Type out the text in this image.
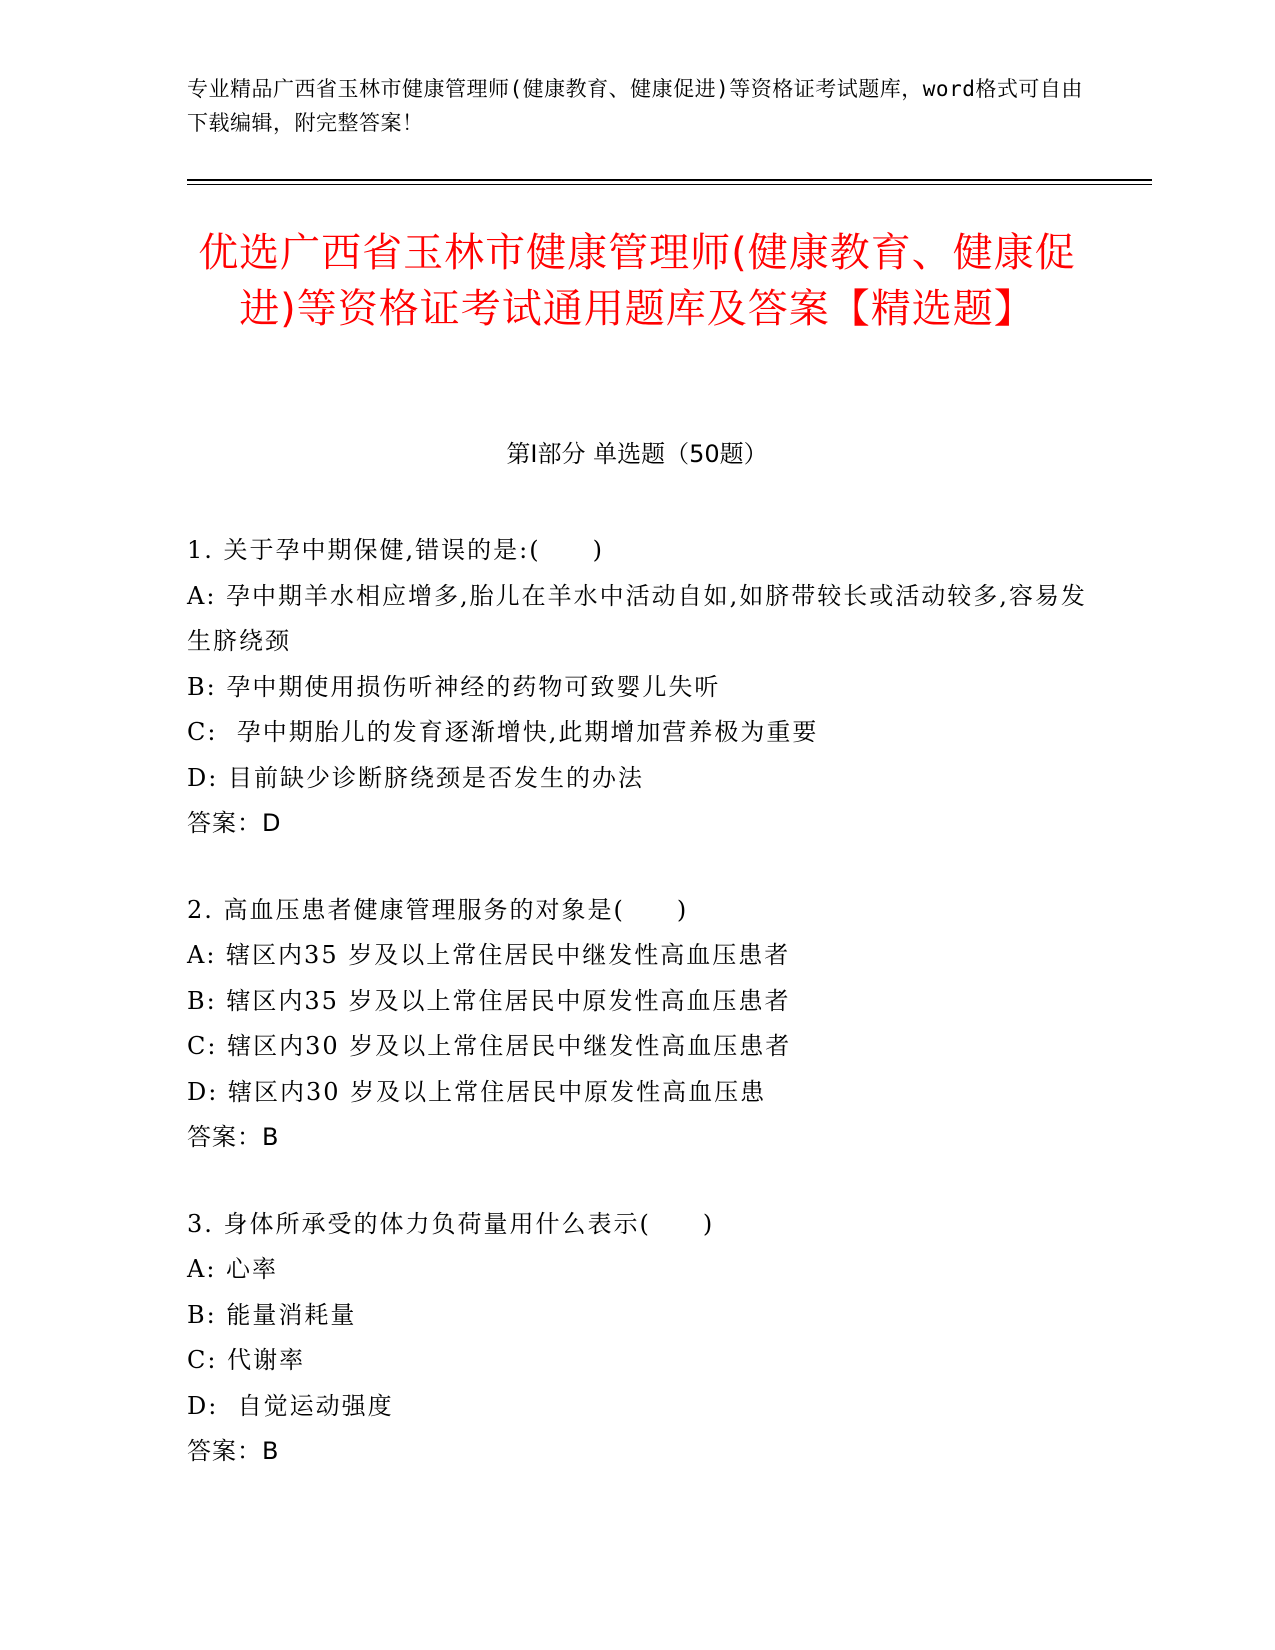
专业精品广西省玉林市健康管理师(健康教育、健康促进)等资格证考试题库，word格式可自由下载编辑，附完整答案！
优选广西省玉林市健康管理师(健康教育、健康促进)等资格证考试通用题库及答案【精选题】
第Ⅰ部分 单选题（50题）
1. 关于孕中期保健,错误的是:(　　)
A: 孕中期羊水相应增多,胎儿在羊水中活动自如,如脐带较长或活动较多,容易发生脐绕颈
B: 孕中期使用损伤听神经的药物可致婴儿失听
C:  孕中期胎儿的发育逐渐增快,此期增加营养极为重要
D: 目前缺少诊断脐绕颈是否发生的办法
答案：D
2. 高血压患者健康管理服务的对象是(　　)
A: 辖区内35 岁及以上常住居民中继发性高血压患者
B: 辖区内35 岁及以上常住居民中原发性高血压患者
C: 辖区内30 岁及以上常住居民中继发性高血压患者
D: 辖区内30 岁及以上常住居民中原发性高血压患
答案：B
3. 身体所承受的体力负荷量用什么表示(　　)
A: 心率
B: 能量消耗量
C: 代谢率
D:  自觉运动强度
答案：B
